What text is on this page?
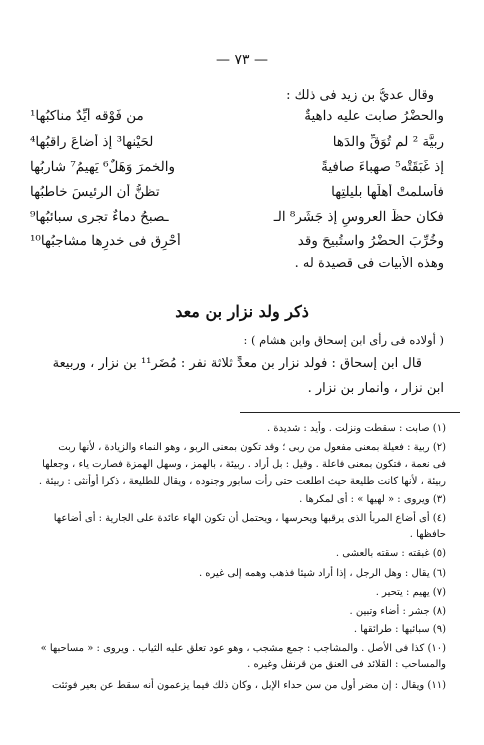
— ٧٣ —
وقال عديُّ بن زيد فى ذلك :
والحضْرُ صابت عليه داهيةٌ
من فَوْقه أيِّدٌ مناكبُها¹
ربيَّة ² لم تُوَقِّ والدَها
لحَيْنها³ إذ أضاعَ راقبُها⁴
إذ غَبَقَتْه⁵ صهباءَ صافيةً
والخمرَ وَهَلٌ⁶ يَهيمُ⁷ شاربُها
فأسلمتْ أهلَها بليلتِها
تظنُّ أن الرئيسَ خاطبُها
فكان حظَّ العروسِ إذ جَشَر⁸ الـ
ـصبحُ دماءٌ تجرى سبائبُها⁹
وخُرِّبَ الحضْرُ واستُبيحَ وقد
أُحْرِق فى خدرِها مشاجبُها¹⁰
وهذه الأبيات فى قصيدة له .
ذكر ولد نزار بن معد
( أولاده فى رأى ابن إسحاق وابن هشام ) :
قال ابن إسحاق : فولد نزار بن معدٍّ ثلاثة نفر : مُضَر¹¹ بن نزار ، وربيعة
ابن نزار ، وأنمار بن نزار .
(١) صابت : سقطت ونزلت . وأيد : شديدة .
(٢) ربية : فعيلة بمعنى مفعول من ربى ؛ وقد تكون بمعنى الربو ، وهو النماء والزيادة ، لأنها ربت
فى نعمة ، فتكون بمعنى فاعلة . وقيل : بل أراد . ربيئة ، بالهمز ، وسهل الهمزة فصارت ياء ، وجعلها
ربيئة ، لأنها كانت طليعة حيث اطلعت حتى رأت سابور وجنوده ، ويقال للطليعة ، ذكرا أوأنثى : ربيئة .
(٣) ويروى : « لهيها » : أى لمكرها .
(٤) أى أضاع المربأ الذى يرقبها ويحرسها ، ويحتمل أن تكون الهاء عائدة على الجارية : أى أضاعها
حافظها .
(٥) غبقته : سقته بالعشى .
(٦) يقال : وهل الرجل ، إذا أراد شيئا فذهب وهمه إلى غيره .
(٧) يهيم : يتحير .
(٨) جشر : أضاء وتبين .
(٩) سبائبها : طرائقها .
(١٠) كذا فى الأصل . والمشاجب : جمع مشجب ، وهو عود تعلق عليه الثياب . ويروى : « مساحبها »
والمساحب : القلائد فى العنق من قرنفل وغيره .
(١١) ويقال : إن مضر أول من سن حداء الإبل ، وكان ذلك فيما يزعمون أنه سقط عن بعير فوثئت
